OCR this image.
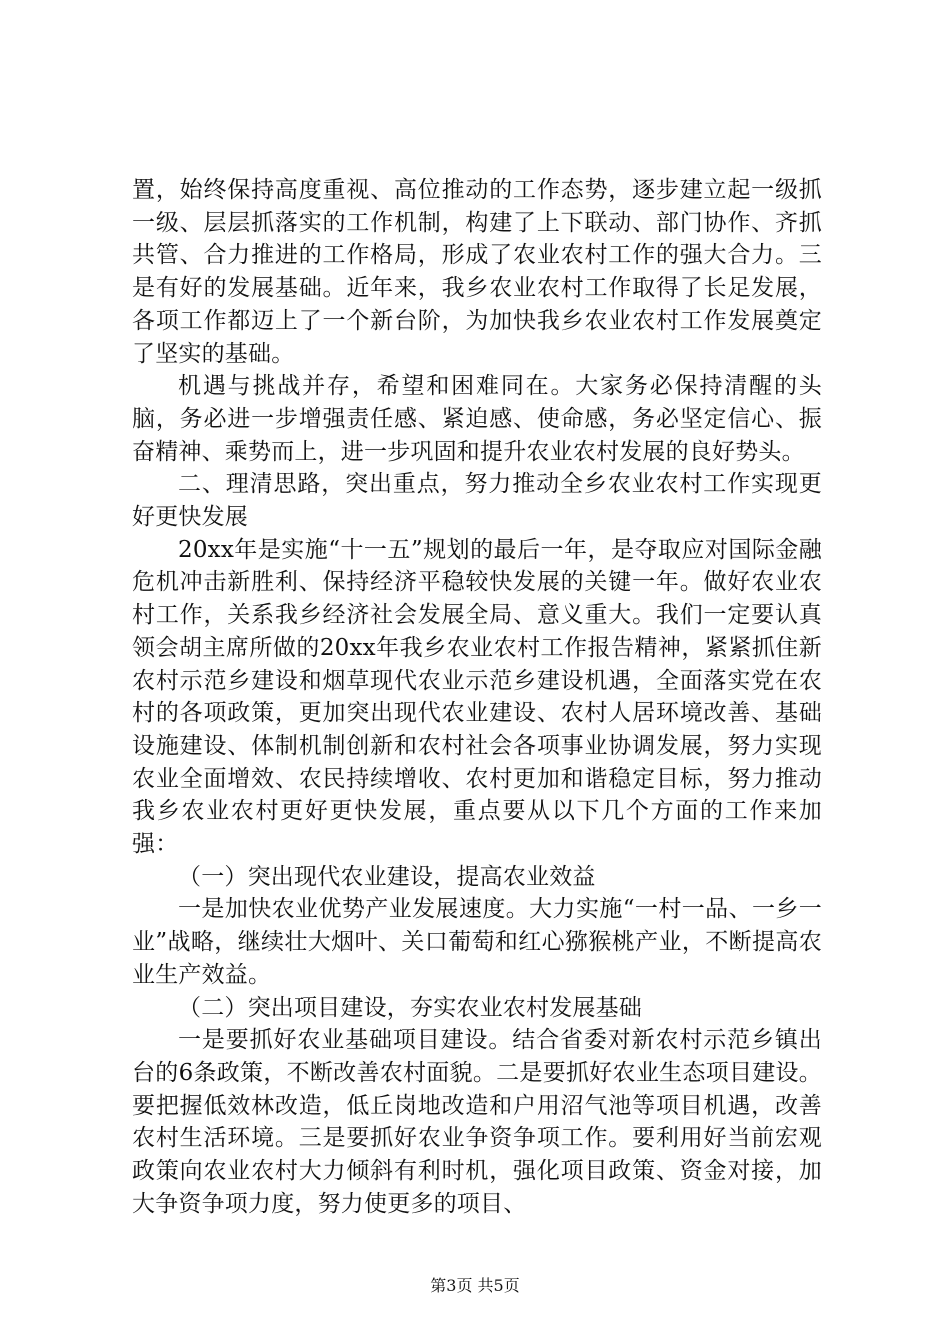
置，始终保持高度重视、高位推动的工作态势，逐步建立起一级抓一级、层层抓落实的工作机制，构建了上下联动、部门协作、齐抓共管、合力推进的工作格局，形成了农业农村工作的强大合力。三是有好的发展基础。近年来，我乡农业农村工作取得了长足发展，各项工作都迈上了一个新台阶，为加快我乡农业农村工作发展奠定了坚实的基础。

机遇与挑战并存，希望和困难同在。大家务必保持清醒的头脑，务必进一步增强责任感、紧迫感、使命感，务必坚定信心、振奋精神、乘势而上，进一步巩固和提升农业农村发展的良好势头。

二、理清思路，突出重点，努力推动全乡农业农村工作实现更好更快发展

20xx年是实施“十一五”规划的最后一年，是夺取应对国际金融危机冲击新胜利、保持经济平稳较快发展的关键一年。做好农业农村工作，关系我乡经济社会发展全局、意义重大。我们一定要认真领会胡主席所做的20xx年我乡农业农村工作报告精神，紧紧抓住新农村示范乡建设和烟草现代农业示范乡建设机遇，全面落实党在农村的各项政策，更加突出现代农业建设、农村人居环境改善、基础设施建设、体制机制创新和农村社会各项事业协调发展，努力实现农业全面增效、农民持续增收、农村更加和谐稳定目标，努力推动我乡农业农村更好更快发展，重点要从以下几个方面的工作来加强：

（一）突出现代农业建设，提高农业效益

一是加快农业优势产业发展速度。大力实施“一村一品、一乡一业”战略，继续壮大烟叶、关口葡萄和红心猕猴桃产业，不断提高农业生产效益。

（二）突出项目建设，夯实农业农村发展基础

一是要抓好农业基础项目建设。结合省委对新农村示范乡镇出台的6条政策，不断改善农村面貌。二是要抓好农业生态项目建设。要把握低效林改造，低丘岗地改造和户用沼气池等项目机遇，改善农村生活环境。三是要抓好农业争资争项工作。要利用好当前宏观政策向农业农村大力倾斜有利时机，强化项目政策、资金对接，加大争资争项力度，努力使更多的项目、

第3页 共5页
